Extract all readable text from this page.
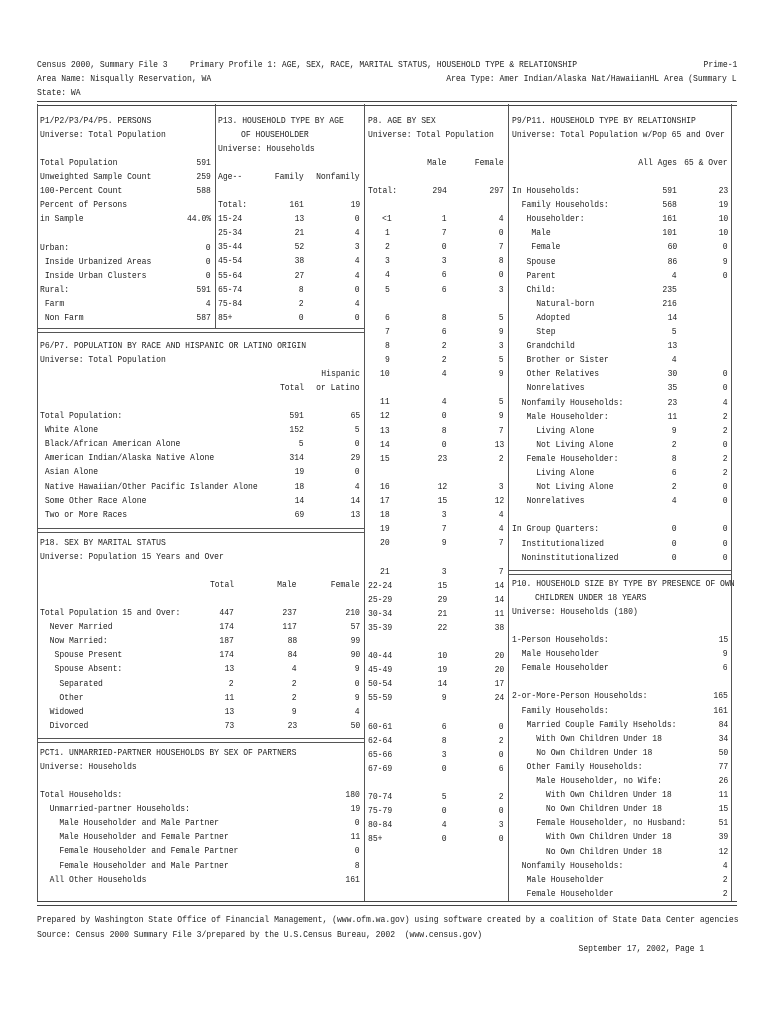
Census 2000, Summary File 3 Primary Profile 1: AGE, SEX, RACE, MARITAL STATUS, HOUSEHOLD TYPE & RELATIONSHIP	Prime-1
Area Name: Nisqually Reservation, WA	Area Type: Amer Indian/Alaska Nat/HawaiianHL Area (Summary L
State: WA
P1/P2/P3/P4/P5. PERSONS
Universe: Total Population
Total Population	591
Unweighted Sample Count	259
100-Percent Count	588
Percent of Persons
in Sample	44.0%
Urban:	0
Inside Urbanized Areas	0
Inside Urban Clusters	0
Rural:	591
Farm	4
Non Farm	587
P13. HOUSEHOLD TYPE BY AGE
OF HOUSEHOLDER
Universe: Households
Age--	Family Nonfamily
Total:	161	19
15-24	13	0
25-34	21	4
35-44	52	3
45-54	38	4
55-64	27	4
65-74	8	0
75-84	2	4
85+	0	0
P6/P7. POPULATION BY RACE AND HISPANIC OR LATINO ORIGIN
Universe: Total Population
Hispanic
Total or Latino
Total Population:	591	65
White Alone	152	5
Black/African American Alone	5	0
American Indian/Alaska Native Alone	314	29
Asian Alone	19	0
Native Hawaiian/Other Pacific Islander Alone	18	4
Some Other Race Alone	14	14
Two or More Races	69	13
P18. SEX BY MARITAL STATUS
Universe: Population 15 Years and Over
Total	Male	Female
Total Population 15 and Over:	447	237	210
Never Married	174	117	57
Now Married:	187	88	99
Spouse Present	174	84	90
Spouse Absent:	13	4	9
Separated	2	2	0
Other	11	2	9
Widowed	13	9	4
Divorced	73	23	50
PCT1. UNMARRIED-PARTNER HOUSEHOLDS BY SEX OF PARTNERS
Universe: Households
Total Households:	180
Unmarried-partner Households:	19
Male Householder and Male Partner	0
Male Householder and Female Partner	11
Female Householder and Female Partner	0
Female Householder and Male Partner	8
All Other Households	161
P8. AGE BY SEX
Universe: Total Population
Male	Female
Total:	294	297
<1	1	4
1	7	0
2	0	7
3	3	8
4	6	0
5	6	3
6	8	5
7	6	9
8	2	3
9	2	5
10	4	9
11	4	5
12	0	9
13	8	7
14	0	13
15	23	2
16	12	3
17	15	12
18	3	4
19	7	4
20	9	7
21	3	7
22-24	15	14
25-29	29	14
30-34	21	11
35-39	22	38
40-44	10	20
45-49	19	20
50-54	14	17
55-59	9	24
60-61	6	0
62-64	8	2
65-66	3	0
67-69	0	6
70-74	5	2
75-79	0	0
80-84	4	3
85+	0	0
P9/P11. HOUSEHOLD TYPE BY RELATIONSHIP
Universe: Total Population w/Pop 65 and Over
All Ages 65 & Over
In Households:	591	23
Family Households:	568	19
Householder:	161	10
Male	101	10
Female	60	0
Spouse	86	9
Parent	4	0
Child:	235
Natural-born	216
Adopted	14
Step	5
Grandchild	13
Brother or Sister	4
Other Relatives	30	0
Nonrelatives	35	0
Nonfamily Households:	23	4
Male Householder:	11	2
Living Alone	9	2
Not Living Alone	2	0
Female Householder:	8	2
Living Alone	6	2
Not Living Alone	2	0
Nonrelatives	4	0
In Group Quarters:	0	0
Institutionalized	0	0
Noninstitutionalized	0	0
P10. HOUSEHOLD SIZE BY TYPE BY PRESENCE OF OWN
CHILDREN UNDER 18 YEARS
Universe: Households (180)
1-Person Households:	15
Male Householder	9
Female Householder	6
2-or-More-Person Households:	165
Family Households:	161
Married Couple Family Hseholds:	84
With Own Children Under 18	34
No Own Children Under 18	50
Other Family Households:	77
Male Householder, no Wife:	26
With Own Children Under 18	11
No Own Children Under 18	15
Female Householder, no Husband:	51
With Own Children Under 18	39
No Own Children Under 18	12
Nonfamily Households:	4
Male Householder	2
Female Householder	2
Prepared by Washington State Office of Financial Management, (www.ofm.wa.gov) using software created by a coalition of State Data Center agencies
Source: Census 2000 Summary File 3/prepared by the U.S.Census Bureau, 2002  (www.census.gov)
September 17, 2002, Page 1
